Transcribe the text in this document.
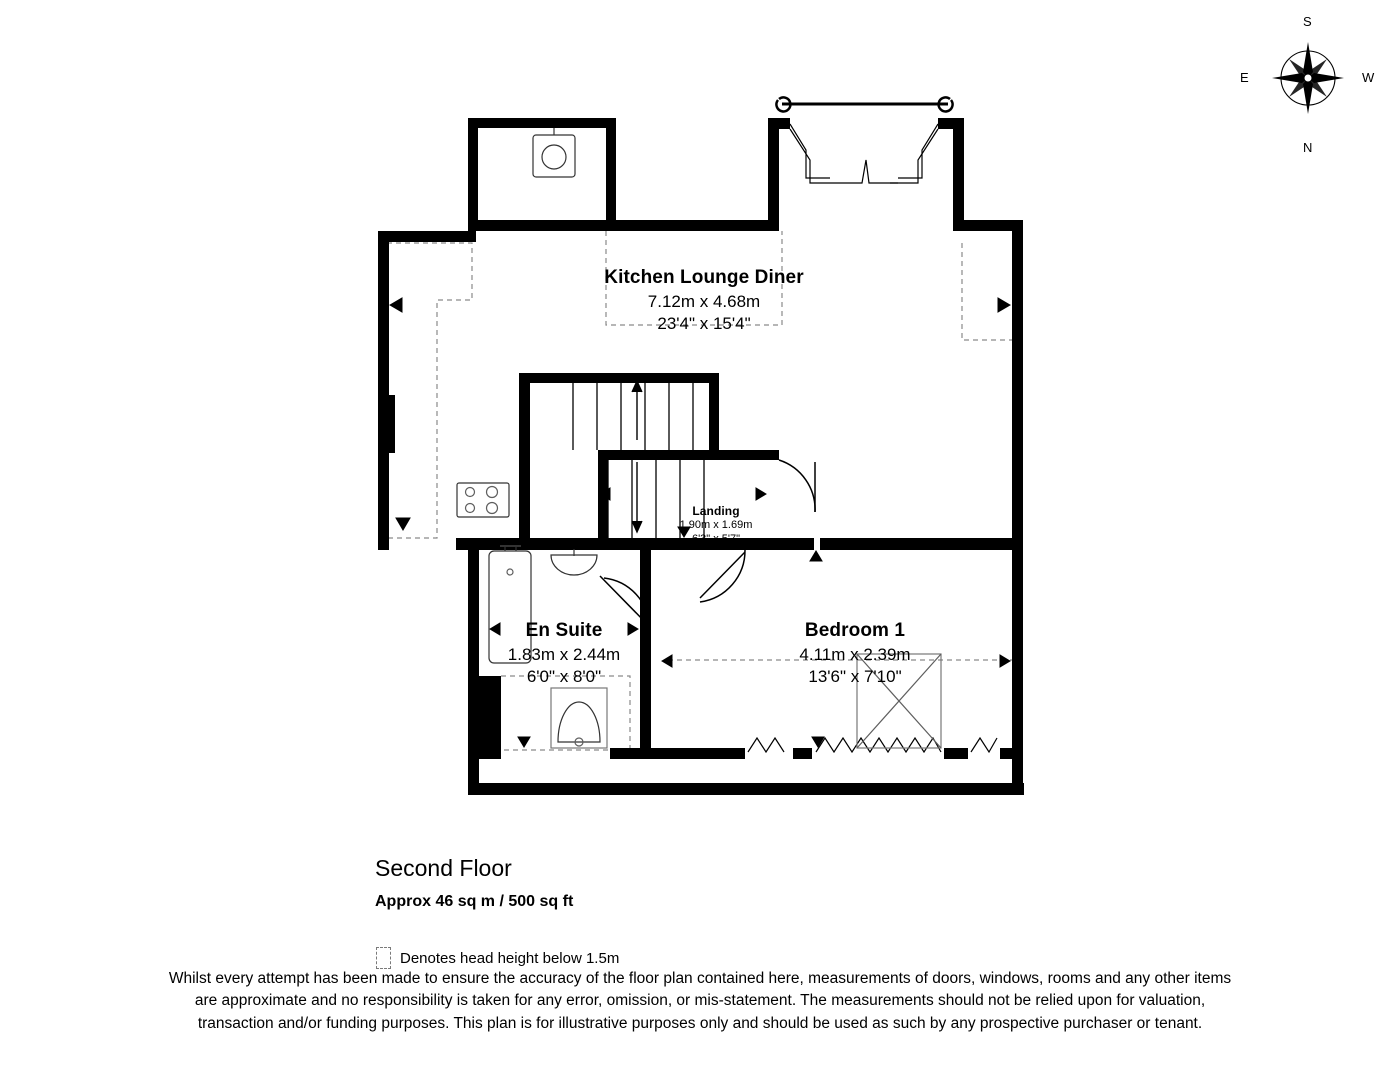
Kitchen Lounge Diner
7.12m x 4.68m
23'4" x 15'4"
Landing
1.90m x 1.69m
6'3" x 5'7"
En Suite
1.83m x 2.44m
6'0" x 8'0"
Bedroom 1
4.11m x 2.39m
13'6" x 7'10"
Second Floor
Approx 46 sq m / 500 sq ft
Denotes head height below 1.5m
Whilst every attempt has been made to ensure the accuracy of the floor plan contained here, measurements of doors, windows, rooms and any other items are approximate and no responsibility is taken for any error, omission, or mis-statement. The measurements should not be relied upon for valuation, transaction and/or funding purposes. This plan is for illustrative purposes only and should be used as such by any prospective purchaser or tenant.
S
N
E	W
